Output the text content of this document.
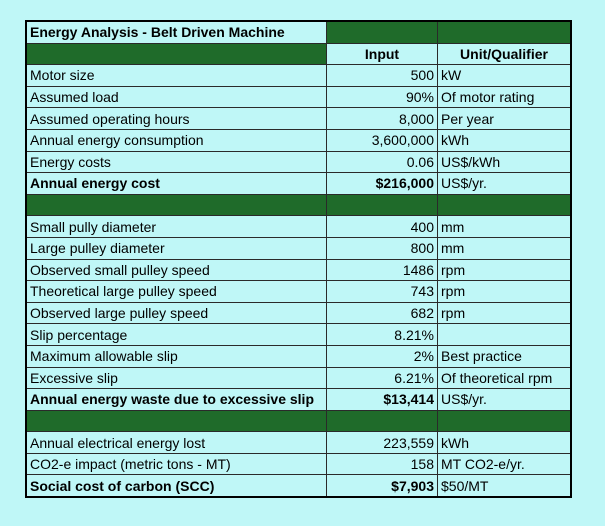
Energy Analysis - Belt Driven Machine		
	Input	Unit/Qualifier
Motor size	500	kW
Assumed load	90%	Of motor rating
Assumed operating hours	8,000	Per year
Annual energy consumption	3,600,000	kWh
Energy costs	0.06	US$/kWh
Annual energy cost	$216,000	US$/yr.

Small pully diameter	400	mm
Large pulley diameter	800	mm
Observed small pulley speed	1486	rpm
Theoretical large pulley speed	743	rpm
Observed large pulley speed	682	rpm
Slip percentage	8.21%	
Maximum allowable slip	2%	Best practice
Excessive slip	6.21%	Of theoretical rpm
Annual energy waste due to excessive slip	$13,414	US$/yr.

Annual electrical energy lost	223,559	kWh
CO2-e impact (metric tons - MT)	158	MT CO2-e/yr.
Social cost of carbon (SCC)	$7,903	$50/MT
